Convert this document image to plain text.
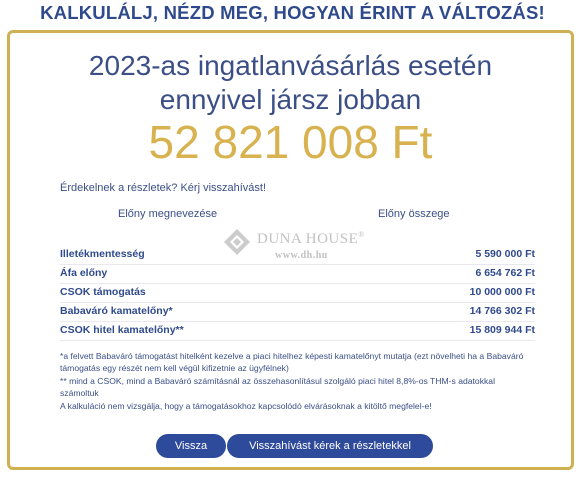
KALKULÁLJ, NÉZD MEG, HOGYAN ÉRINT A VÁLTOZÁS!
2023-as ingatlanvásárlás esetén
ennyivel jársz jobban
52 821 008 Ft
Érdekelnek a részletek? Kérj visszahívást!
Előny megnevezése	Előny összege
DUNA HOUSE®
www.dh.hu
Illetékmentesség	5 590 000 Ft
Áfa előny	6 654 762 Ft
CSOK támogatás	10 000 000 Ft
Babaváró kamatelőny*	14 766 302 Ft
CSOK hitel kamatelőny**	15 809 944 Ft

*a felvett Babaváró támogatást hitelként kezelve a piaci hitelhez képesti kamatelőnyt mutatja (ezt növelheti ha a Babaváró támogatás egy részét nem kell végül kifizetnie az ügyfélnek)

** mind a CSOK, mind a Babaváró számításnál az összehasonlításul szolgáló piaci hitel 8,8%-os THM-s adatokkal számoltuk

A kalkuláció nem vizsgálja, hogy a támogatásokhoz kapcsolódó elvárásoknak a kitöltő megfelel-e!

Vissza	Visszahívást kérek a részletekkel
